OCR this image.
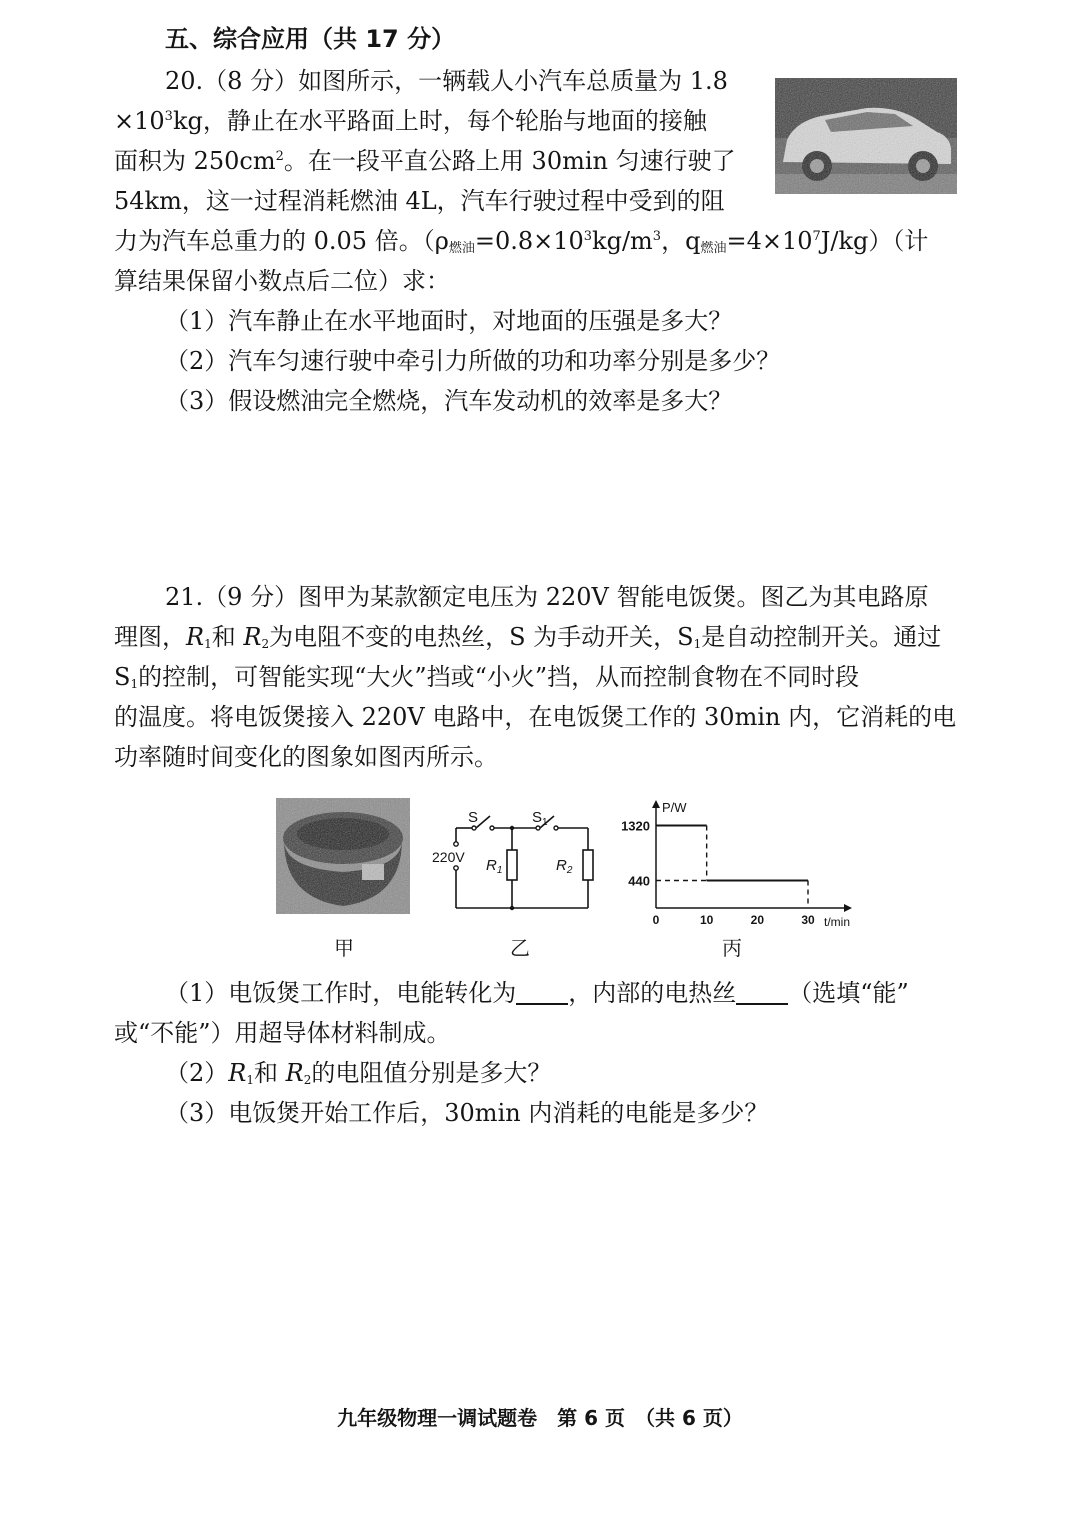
五、综合应用（共 17 分）
20.（8 分）如图所示，一辆载人小汽车总质量为 1.8
$\times 10^3kg$，静止在水平路面上时，每个轮胎与地面的接触
面积为 $250cm^2$。在一段平直公路上用 30min 匀速行驶了
54km，这一过程消耗燃油 4L，汽车行驶过程中受到的阻
力为汽车总重力的 0.05 倍。（$\rho_{燃油}=0.8\times 10^3kg/m^3$，$q_{燃油}=4\times 10^7J/kg$）（计
算结果保留小数点后二位）求：
（1）汽车静止在水平地面时，对地面的压强是多大？
（2）汽车匀速行驶中牵引力所做的功和功率分别是多少？
（3）假设燃油完全燃烧，汽车发动机的效率是多大？
21.（9 分）图甲为某款额定电压为 220V 智能电饭煲。图乙为其电路原
理图，$R_1$和 $R_2$为电阻不变的电热丝，S 为手动开关，$S_1$是自动控制开关。通过
$S_1$的控制，可智能实现“大火”挡或“小火”挡，从而控制食物在不同时段
的温度。将电饭煲接入 220V 电路中，在电饭煲工作的 30min 内，它消耗的电
功率随时间变化的图象如图丙所示。
S	$S_1$
220V $R_1$	$R_2$
P/W
t/min
0	10	20	30
440
1320
甲	乙	丙
（1）电饭煲工作时，电能转化为 ，内部的电热丝 （选填“能”
或“不能”）用超导体材料制成。
$(2)R_1$和 $R_2$的电阻值分别是多大？
（3）电饭煲开始工作后，30min 内消耗的电能是多少？
九年级物理一调试题卷　第 6 页　（共 6 页）
